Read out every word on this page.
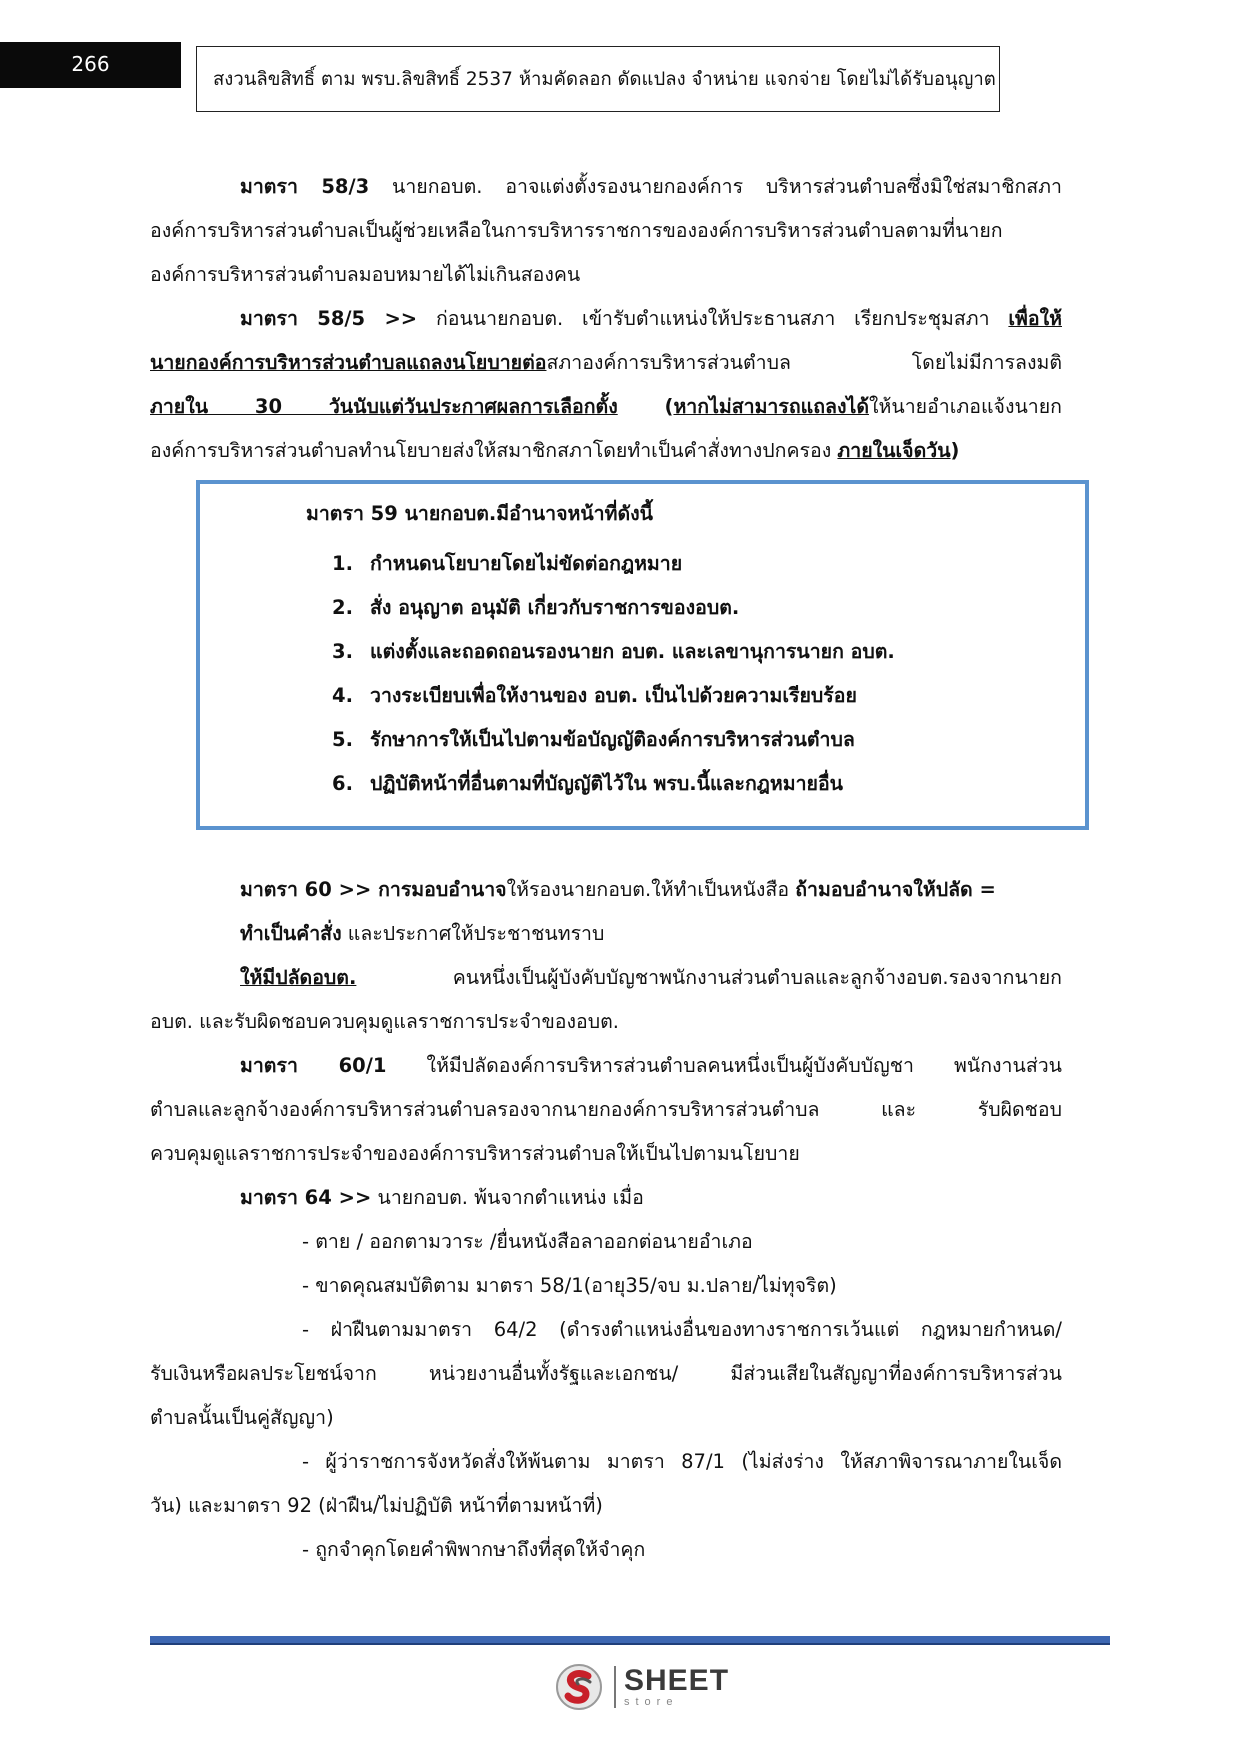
266
สงวนลิขสิทธิ์ ตาม พรบ.ลิขสิทธิ์ 2537 ห้ามคัดลอก ดัดแปลง จำหน่าย แจกจ่าย โดยไม่ได้รับอนุญาต
มาตรา 58/3 นายกอบต. อาจแต่งตั้งรองนายกองค์การ บริหารส่วนตำบลซึ่งมิใช่สมาชิกสภา
องค์การบริหารส่วนตำบลเป็นผู้ช่วยเหลือในการบริหารราชการขององค์การบริหารส่วนตำบลตามที่นายก
องค์การบริหารส่วนตำบลมอบหมายได้ไม่เกินสองคน
มาตรา 58/5 >> ก่อนนายกอบต. เข้ารับตำแหน่งให้ประธานสภา เรียกประชุมสภา เพื่อให้
นายกองค์การบริหารส่วนตำบลแถลงนโยบายต่อสภาองค์การบริหารส่วนตำบล โดยไม่มีการลงมติ
ภายใน 30 วันนับแต่วันประกาศผลการเลือกตั้ง (หากไม่สามารถแถลงได้ให้นายอำเภอแจ้งนายก
องค์การบริหารส่วนตำบลทำนโยบายส่งให้สมาชิกสภาโดยทำเป็นคำสั่งทางปกครอง ภายในเจ็ดวัน)
มาตรา 59 นายกอบต.มีอำนาจหน้าที่ดังนี้
1. กำหนดนโยบายโดยไม่ขัดต่อกฎหมาย
2. สั่ง อนุญาต อนุมัติ เกี่ยวกับราชการของอบต.
3. แต่งตั้งและถอดถอนรองนายก อบต. และเลขานุการนายก อบต.
4. วางระเบียบเพื่อให้งานของ อบต. เป็นไปด้วยความเรียบร้อย
5. รักษาการให้เป็นไปตามข้อบัญญัติองค์การบริหารส่วนตำบล
6. ปฏิบัติหน้าที่อื่นตามที่บัญญัติไว้ใน พรบ.นี้และกฎหมายอื่น
มาตรา 60 >> การมอบอำนาจให้รองนายกอบต.ให้ทำเป็นหนังสือ ถ้ามอบอำนาจให้ปลัด =
ทำเป็นคำสั่ง และประกาศให้ประชาชนทราบ
ให้มีปลัดอบต. คนหนึ่งเป็นผู้บังคับบัญชาพนักงานส่วนตำบลและลูกจ้างอบต.รองจากนายก
อบต. และรับผิดชอบควบคุมดูแลราชการประจำของอบต.
มาตรา 60/1 ให้มีปลัดองค์การบริหารส่วนตำบลคนหนึ่งเป็นผู้บังคับบัญชา พนักงานส่วน
ตำบลและลูกจ้างองค์การบริหารส่วนตำบลรองจากนายกองค์การบริหารส่วนตำบล และ รับผิดชอบ
ควบคุมดูแลราชการประจำขององค์การบริหารส่วนตำบลให้เป็นไปตามนโยบาย
มาตรา 64 >> นายกอบต. พ้นจากตำแหน่ง เมื่อ
- ตาย / ออกตามวาระ /ยื่นหนังสือลาออกต่อนายอำเภอ
- ขาดคุณสมบัติตาม มาตรา 58/1(อายุ35/จบ ม.ปลาย/ไม่ทุจริต)
- ฝ่าฝืนตามมาตรา 64/2 (ดำรงตำแหน่งอื่นของทางราชการเว้นแต่ กฎหมายกำหนด/
รับเงินหรือผลประโยชน์จาก หน่วยงานอื่นทั้งรัฐและเอกชน/ มีส่วนเสียในสัญญาที่องค์การบริหารส่วน
ตำบลนั้นเป็นคู่สัญญา)
- ผู้ว่าราชการจังหวัดสั่งให้พ้นตาม มาตรา 87/1 (ไม่ส่งร่าง ให้สภาพิจารณาภายในเจ็ด
วัน) และมาตรา 92 (ฝ่าฝืน/ไม่ปฏิบัติ หน้าที่ตามหน้าที่)
- ถูกจำคุกโดยคำพิพากษาถึงที่สุดให้จำคุก
SHEET
store
